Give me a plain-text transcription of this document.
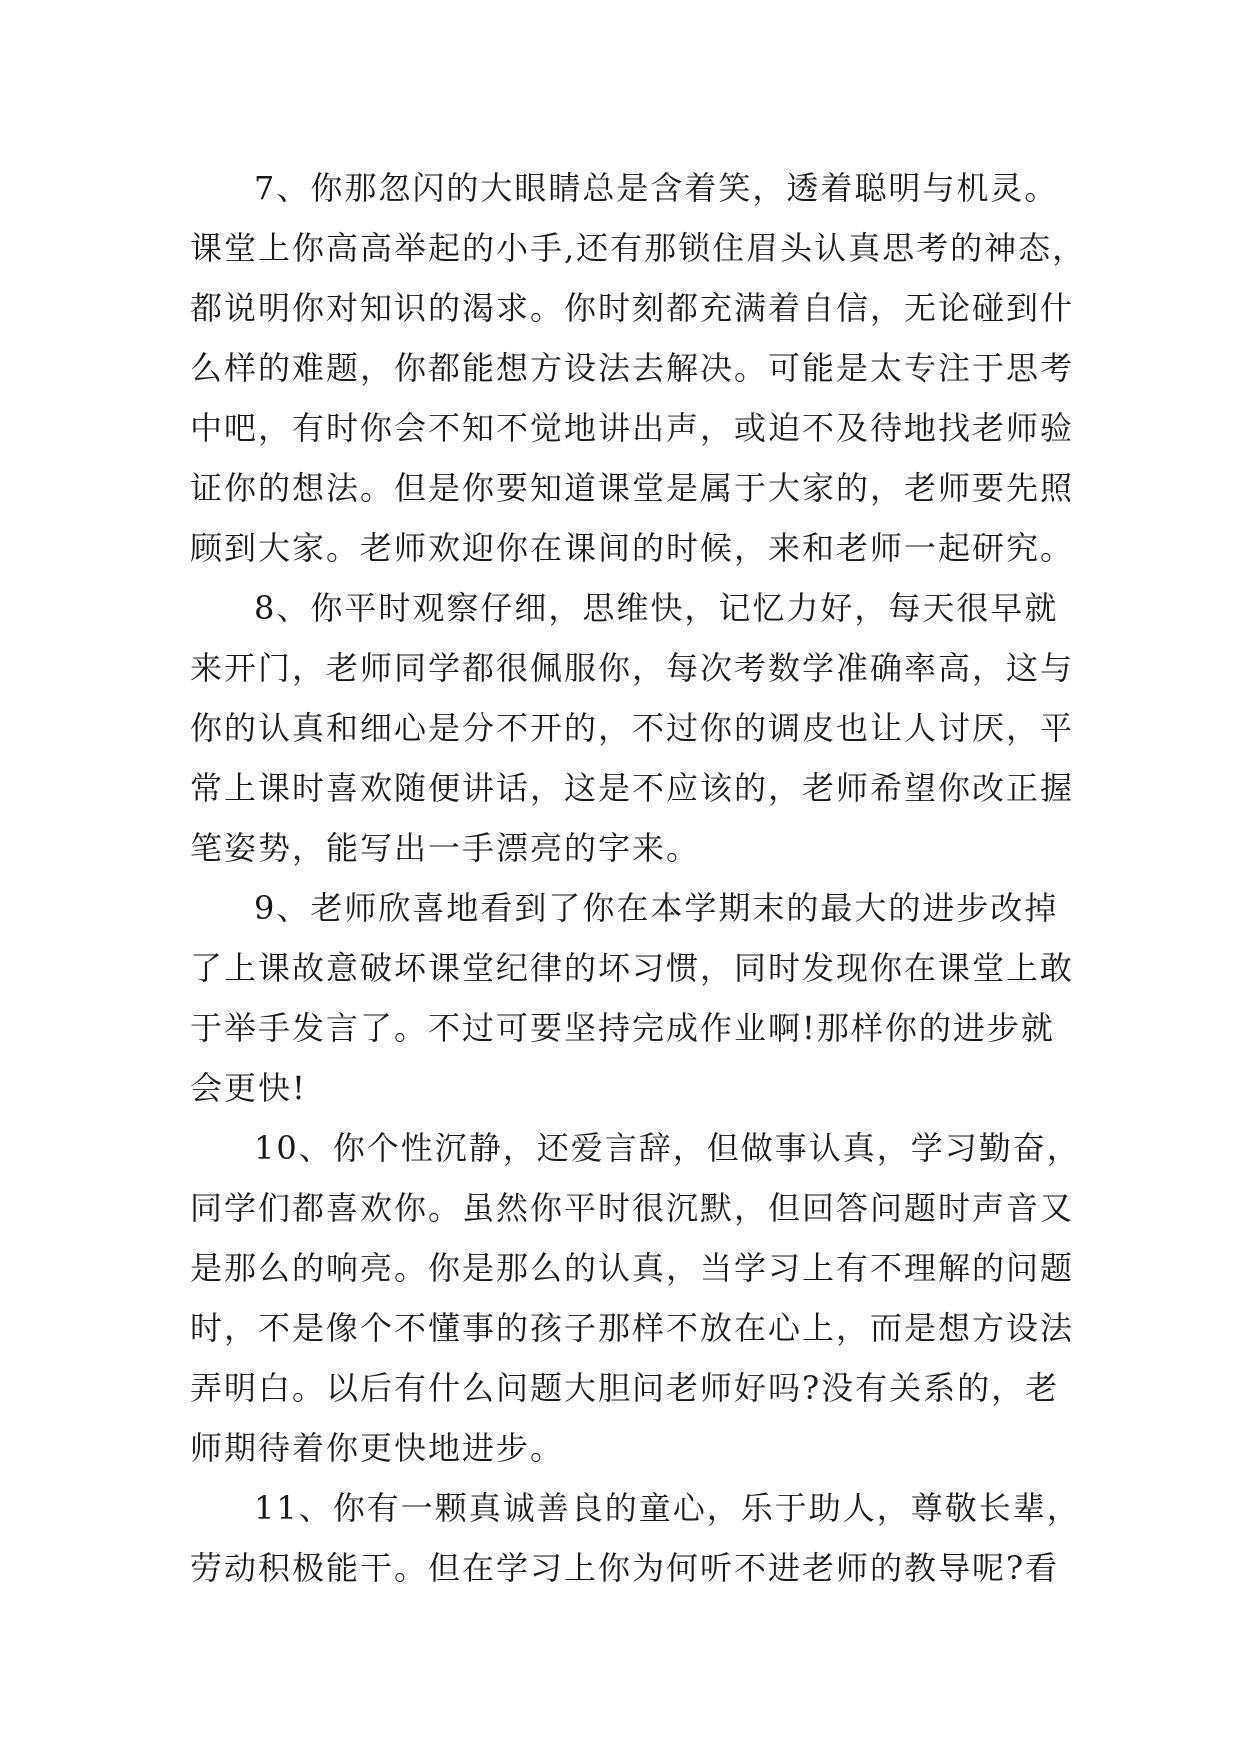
7、你那忽闪的大眼睛总是含着笑，透着聪明与机灵。
课堂上你高高举起的小手,还有那锁住眉头认真思考的神态，
都说明你对知识的渴求。你时刻都充满着自信，无论碰到什
么样的难题，你都能想方设法去解决。可能是太专注于思考
中吧，有时你会不知不觉地讲出声，或迫不及待地找老师验
证你的想法。但是你要知道课堂是属于大家的，老师要先照
顾到大家。老师欢迎你在课间的时候，来和老师一起研究。
8、你平时观察仔细，思维快，记忆力好，每天很早就
来开门，老师同学都很佩服你，每次考数学准确率高，这与
你的认真和细心是分不开的，不过你的调皮也让人讨厌，平
常上课时喜欢随便讲话，这是不应该的，老师希望你改正握
笔姿势，能写出一手漂亮的字来。
9、老师欣喜地看到了你在本学期末的最大的进步改掉
了上课故意破坏课堂纪律的坏习惯，同时发现你在课堂上敢
于举手发言了。不过可要坚持完成作业啊!那样你的进步就
会更快!
10、你个性沉静，还爱言辞，但做事认真，学习勤奋，
同学们都喜欢你。虽然你平时很沉默，但回答问题时声音又
是那么的响亮。你是那么的认真，当学习上有不理解的问题
时，不是像个不懂事的孩子那样不放在心上，而是想方设法
弄明白。以后有什么问题大胆问老师好吗?没有关系的，老
师期待着你更快地进步。
11、你有一颗真诚善良的童心，乐于助人，尊敬长辈，
劳动积极能干。但在学习上你为何听不进老师的教导呢?看
